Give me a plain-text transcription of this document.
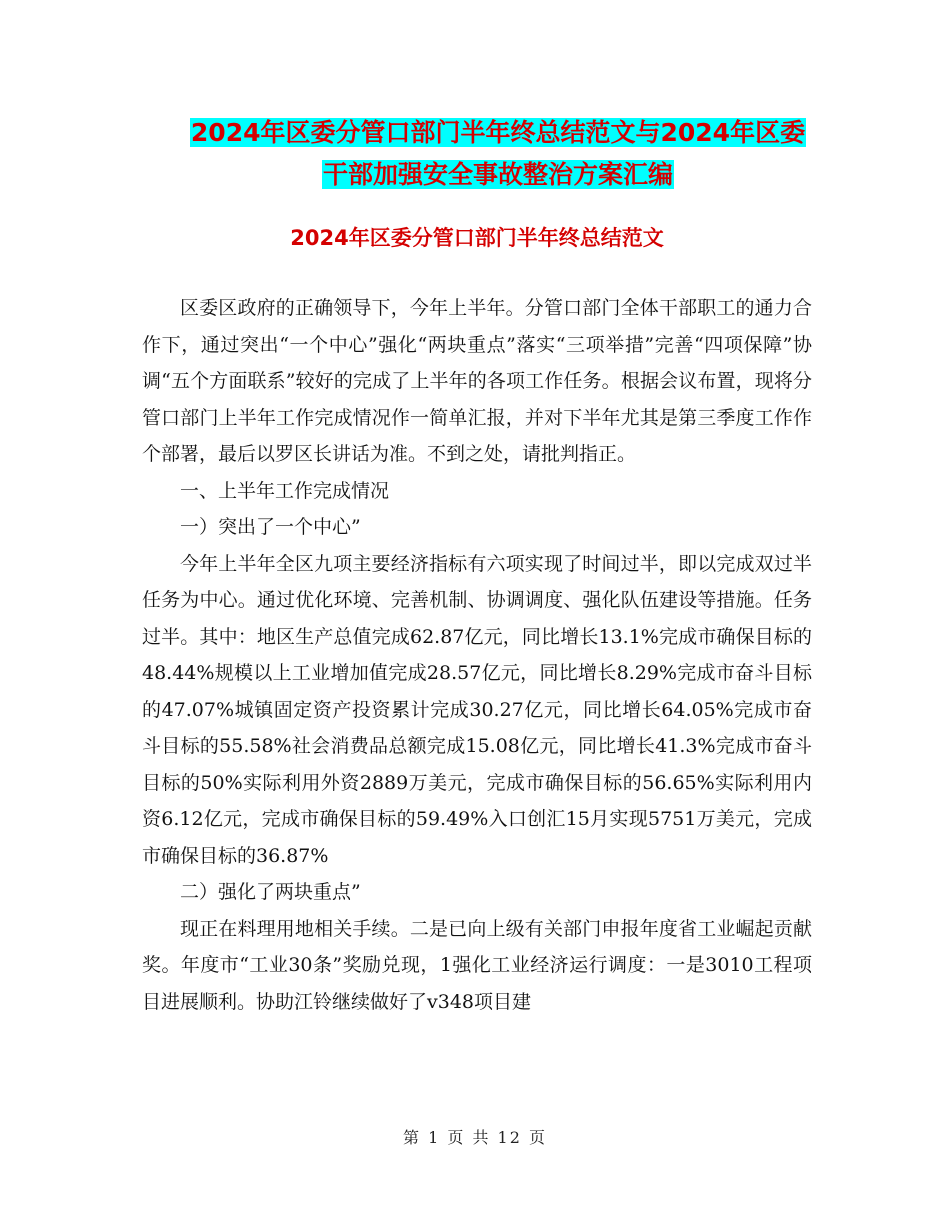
2024年区委分管口部门半年终总结范文与2024年区委
干部加强安全事故整治方案汇编
2024年区委分管口部门半年终总结范文

区委区政府的正确领导下，今年上半年。分管口部门全体干部职工的通力合作下，通过突出“一个中心”强化“两块重点”落实“三项举措”完善“四项保障”协调“五个方面联系”较好的完成了上半年的各项工作任务。根据会议布置，现将分管口部门上半年工作完成情况作一简单汇报，并对下半年尤其是第三季度工作作个部署，最后以罗区长讲话为准。不到之处，请批判指正。

一、上半年工作完成情况

一）突出了一个中心”

今年上半年全区九项主要经济指标有六项实现了时间过半，即以完成双过半任务为中心。通过优化环境、完善机制、协调调度、强化队伍建设等措施。任务过半。其中：地区生产总值完成62.87亿元，同比增长13.1%完成市确保目标的48.44%规模以上工业增加值完成28.57亿元，同比增长8.29%完成市奋斗目标的47.07%城镇固定资产投资累计完成30.27亿元，同比增长64.05%完成市奋斗目标的55.58%社会消费品总额完成15.08亿元，同比增长41.3%完成市奋斗目标的50%实际利用外资2889万美元，完成市确保目标的56.65%实际利用内资6.12亿元，完成市确保目标的59.49%入口创汇15月实现5751万美元，完成市确保目标的36.87%

二）强化了两块重点”

现正在料理用地相关手续。二是已向上级有关部门申报年度省工业崛起贡献奖。年度市“工业30条”奖励兑现，1强化工业经济运行调度：一是3010工程项目进展顺利。协助江铃继续做好了v348项目建

第 1 页 共 12 页
